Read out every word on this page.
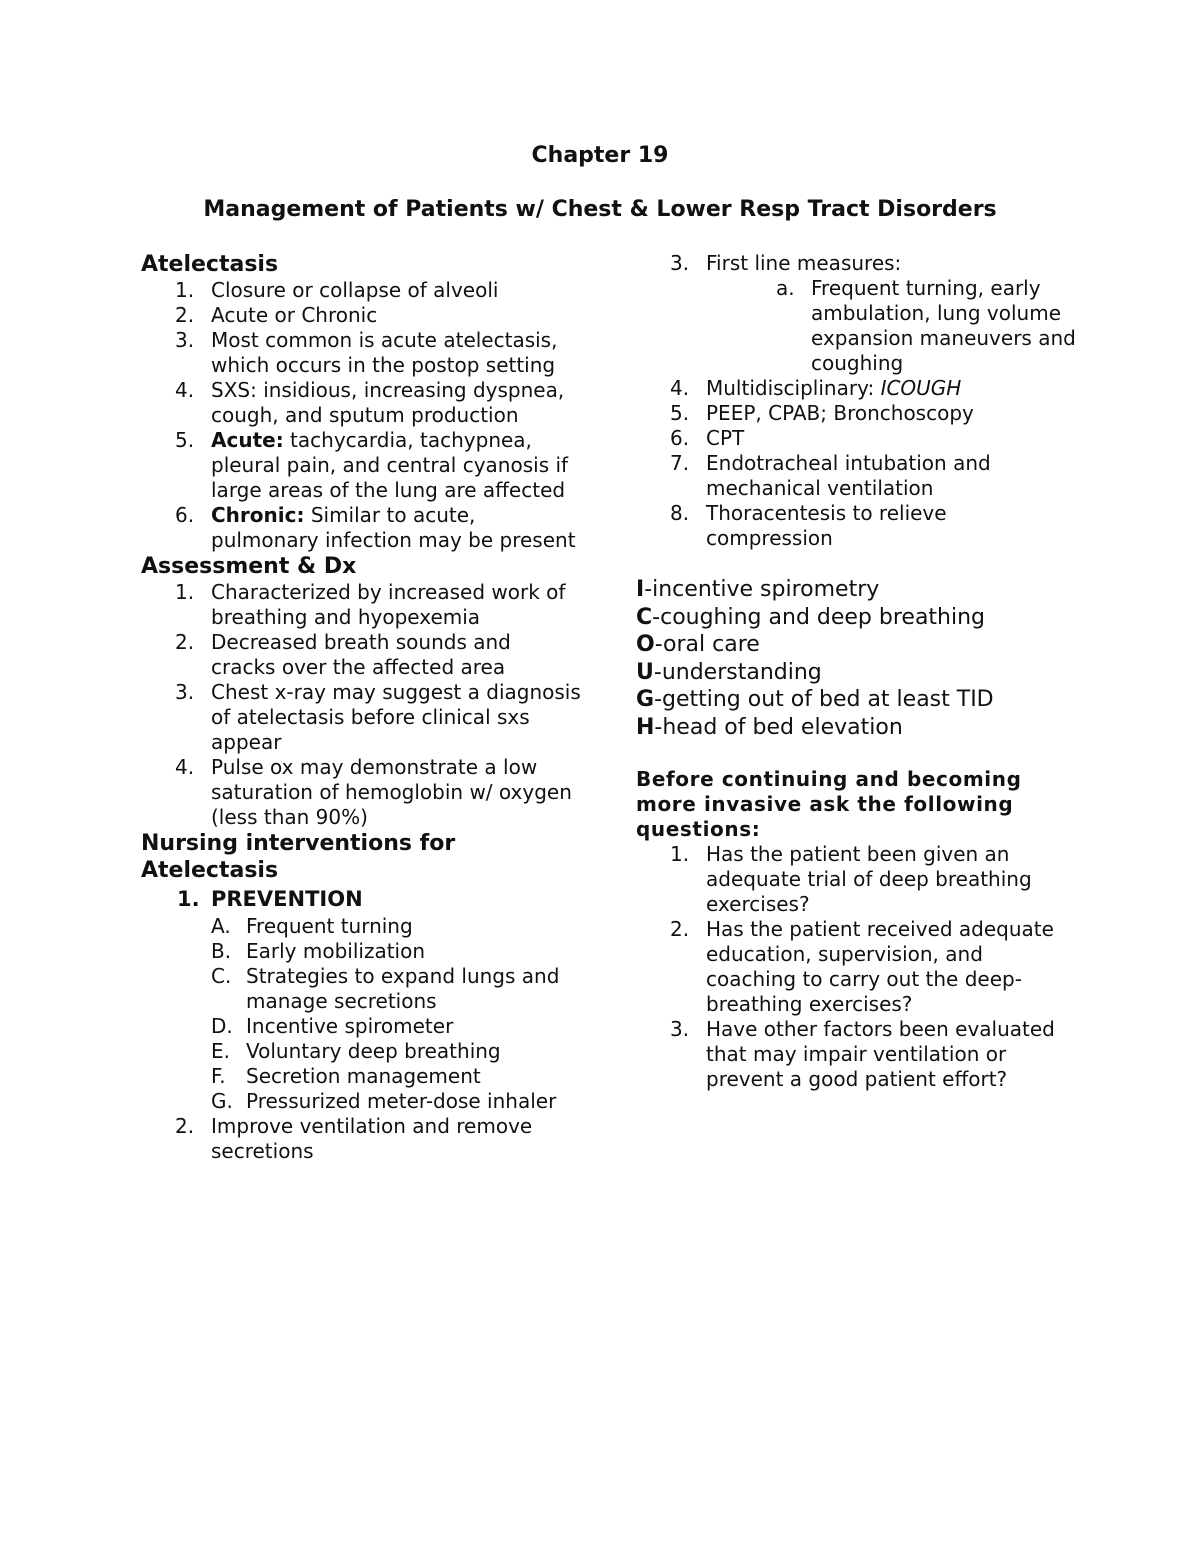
Chapter 19
Management of Patients w/ Chest & Lower Resp Tract Disorders
Atelectasis
1. Closure or collapse of alveoli
2. Acute or Chronic
3. Most common is acute atelectasis, which occurs in the postop setting
4. SXS: insidious, increasing dyspnea, cough, and sputum production
5. Acute: tachycardia, tachypnea, pleural pain, and central cyanosis if large areas of the lung are affected
6. Chronic: Similar to acute, pulmonary infection may be present
Assessment & Dx
1. Characterized by increased work of breathing and hyopexemia
2. Decreased breath sounds and cracks over the affected area
3. Chest x-ray may suggest a diagnosis of atelectasis before clinical sxs appear
4. Pulse ox may demonstrate a low saturation of hemoglobin w/ oxygen (less than 90%)
Nursing interventions for Atelectasis
1. PREVENTION
A. Frequent turning
B. Early mobilization
C. Strategies to expand lungs and manage secretions
D. Incentive spirometer
E. Voluntary deep breathing
F. Secretion management
G. Pressurized meter-dose inhaler
2. Improve ventilation and remove secretions
3. First line measures:
a. Frequent turning, early ambulation, lung volume expansion maneuvers and coughing
4. Multidisciplinary: ICOUGH
5. PEEP, CPAB; Bronchoscopy
6. CPT
7. Endotracheal intubation and mechanical ventilation
8. Thoracentesis to relieve compression
I-incentive spirometry
C-coughing and deep breathing
O-oral care
U-understanding
G-getting out of bed at least TID
H-head of bed elevation
Before continuing and becoming more invasive ask the following questions:
1. Has the patient been given an adequate trial of deep breathing exercises?
2. Has the patient received adequate education, supervision, and coaching to carry out the deep-breathing exercises?
3. Have other factors been evaluated that may impair ventilation or prevent a good patient effort?
